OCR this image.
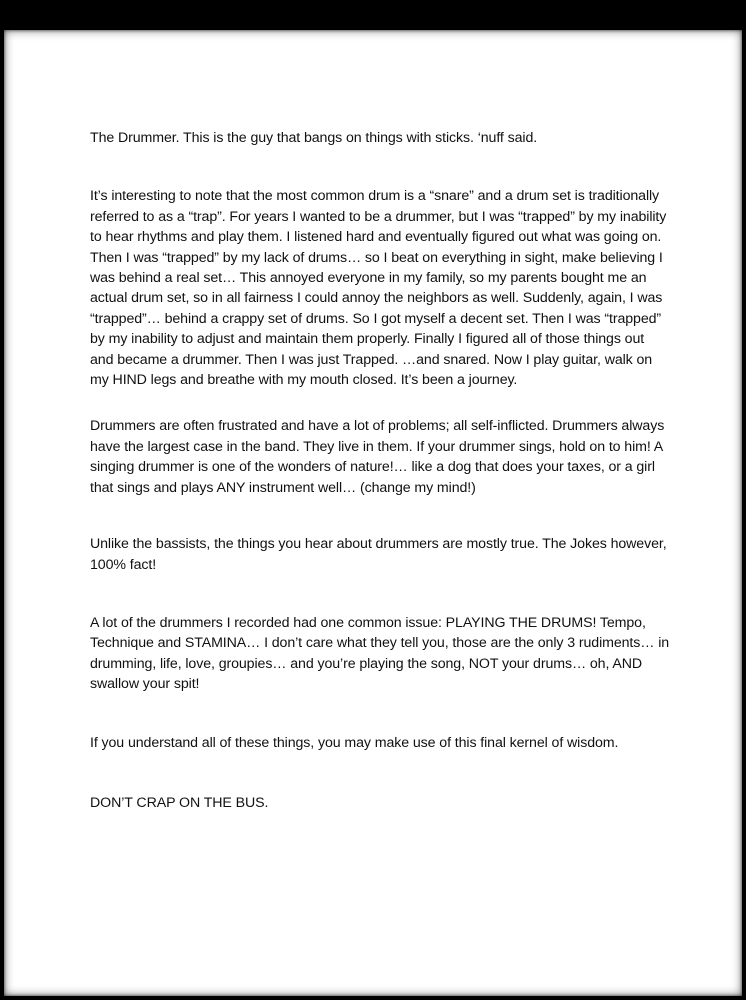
The Drummer. This is the guy that bangs on things with sticks. ‘nuff said.

It’s interesting to note that the most common drum is a “snare” and a drum set is traditionally referred to as a “trap”. For years I wanted to be a drummer, but I was “trapped” by my inability to hear rhythms and play them. I listened hard and eventually figured out what was going on. Then I was “trapped” by my lack of drums… so I beat on everything in sight, make believing I was behind a real set… This annoyed everyone in my family, so my parents bought me an actual drum set, so in all fairness I could annoy the neighbors as well. Suddenly, again, I was “trapped”… behind a crappy set of drums. So I got myself a decent set. Then I was “trapped” by my inability to adjust and maintain them properly. Finally I figured all of those things out and became a drummer. Then I was just Trapped. …and snared. Now I play guitar, walk on my HIND legs and breathe with my mouth closed. It’s been a journey.

Drummers are often frustrated and have a lot of problems; all self-inflicted. Drummers always have the largest case in the band. They live in them. If your drummer sings, hold on to him! A singing drummer is one of the wonders of nature!… like a dog that does your taxes, or a girl that sings and plays ANY instrument well… (change my mind!)

Unlike the bassists, the things you hear about drummers are mostly true. The Jokes however, 100% fact!

A lot of the drummers I recorded had one common issue: PLAYING THE DRUMS! Tempo, Technique and STAMINA… I don’t care what they tell you, those are the only 3 rudiments… in drumming, life, love, groupies… and you’re playing the song, NOT your drums… oh, AND swallow your spit!

If you understand all of these things, you may make use of this final kernel of wisdom.

DON’T CRAP ON THE BUS.
